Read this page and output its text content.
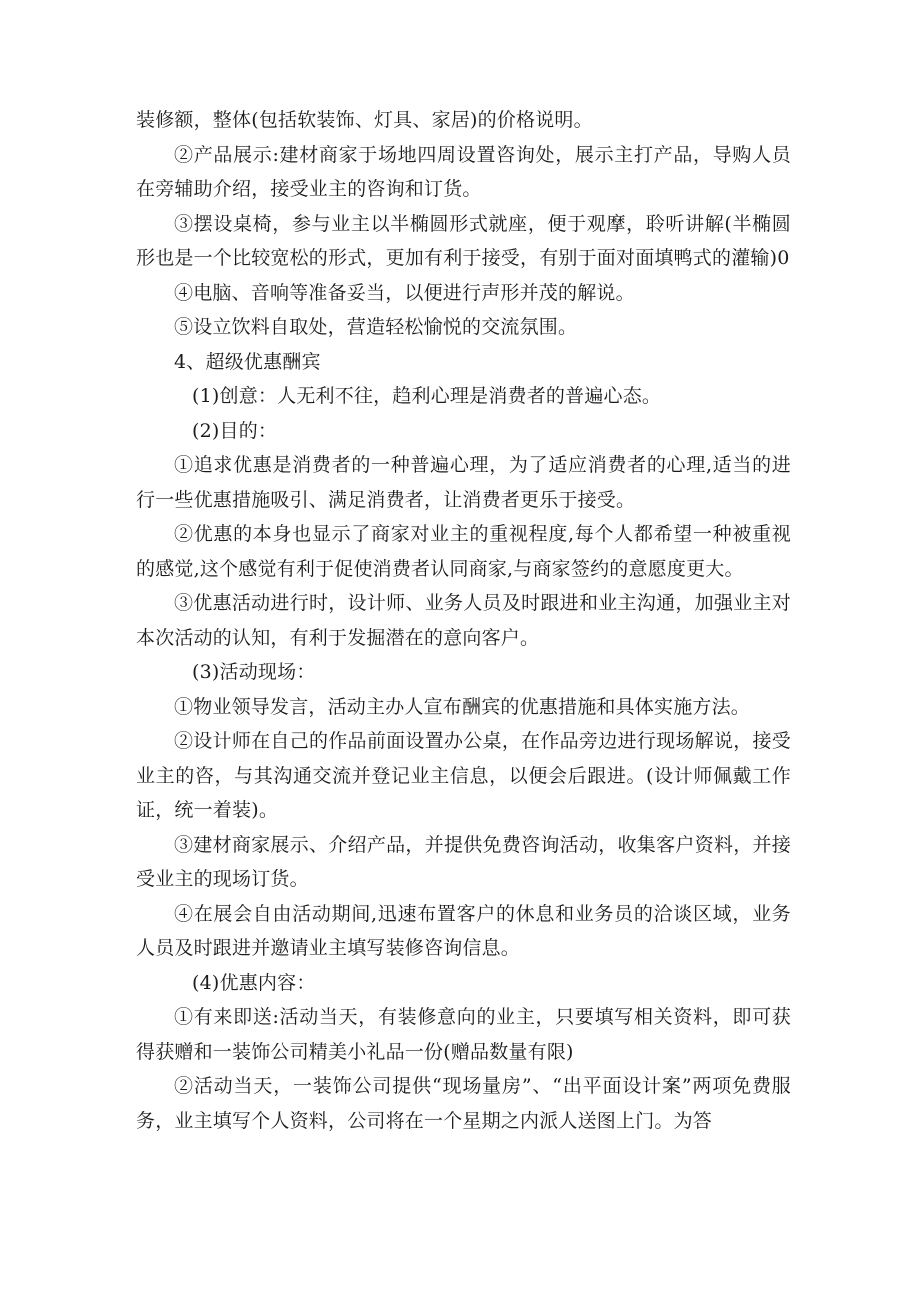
装修额，整体(包括软装饰、灯具、家居)的价格说明。

②产品展示:建材商家于场地四周设置咨询处，展示主打产品，导购人员在旁辅助介绍，接受业主的咨询和订货。

③摆设桌椅，参与业主以半椭圆形式就座，便于观摩，聆听讲解(半椭圆形也是一个比较宽松的形式，更加有利于接受，有别于面对面填鸭式的灌输)0

④电脑、音响等准备妥当，以便进行声形并茂的解说。

⑤设立饮料自取处，营造轻松愉悦的交流氛围。

4、超级优惠酬宾

(1)创意：人无利不往，趋利心理是消费者的普遍心态。

(2)目的：

①追求优惠是消费者的一种普遍心理，为了适应消费者的心理,适当的进行一些优惠措施吸引、满足消费者，让消费者更乐于接受。

②优惠的本身也显示了商家对业主的重视程度,每个人都希望一种被重视的感觉,这个感觉有利于促使消费者认同商家,与商家签约的意愿度更大。

③优惠活动进行时，设计师、业务人员及时跟进和业主沟通，加强业主对本次活动的认知，有利于发掘潜在的意向客户。

(3)活动现场：

①物业领导发言，活动主办人宣布酬宾的优惠措施和具体实施方法。

②设计师在自己的作品前面设置办公桌，在作品旁边进行现场解说，接受业主的咨，与其沟通交流并登记业主信息，以便会后跟进。(设计师佩戴工作证，统一着装)。

③建材商家展示、介绍产品，并提供免费咨询活动，收集客户资料，并接受业主的现场订货。

④在展会自由活动期间,迅速布置客户的休息和业务员的洽谈区域，业务人员及时跟进并邀请业主填写装修咨询信息。

(4)优惠内容：

①有来即送:活动当天，有装修意向的业主，只要填写相关资料，即可获得获赠和一装饰公司精美小礼品一份(赠品数量有限)

②活动当天，一装饰公司提供“现场量房”、“出平面设计案”两项免费服务，业主填写个人资料，公司将在一个星期之内派人送图上门。为答
